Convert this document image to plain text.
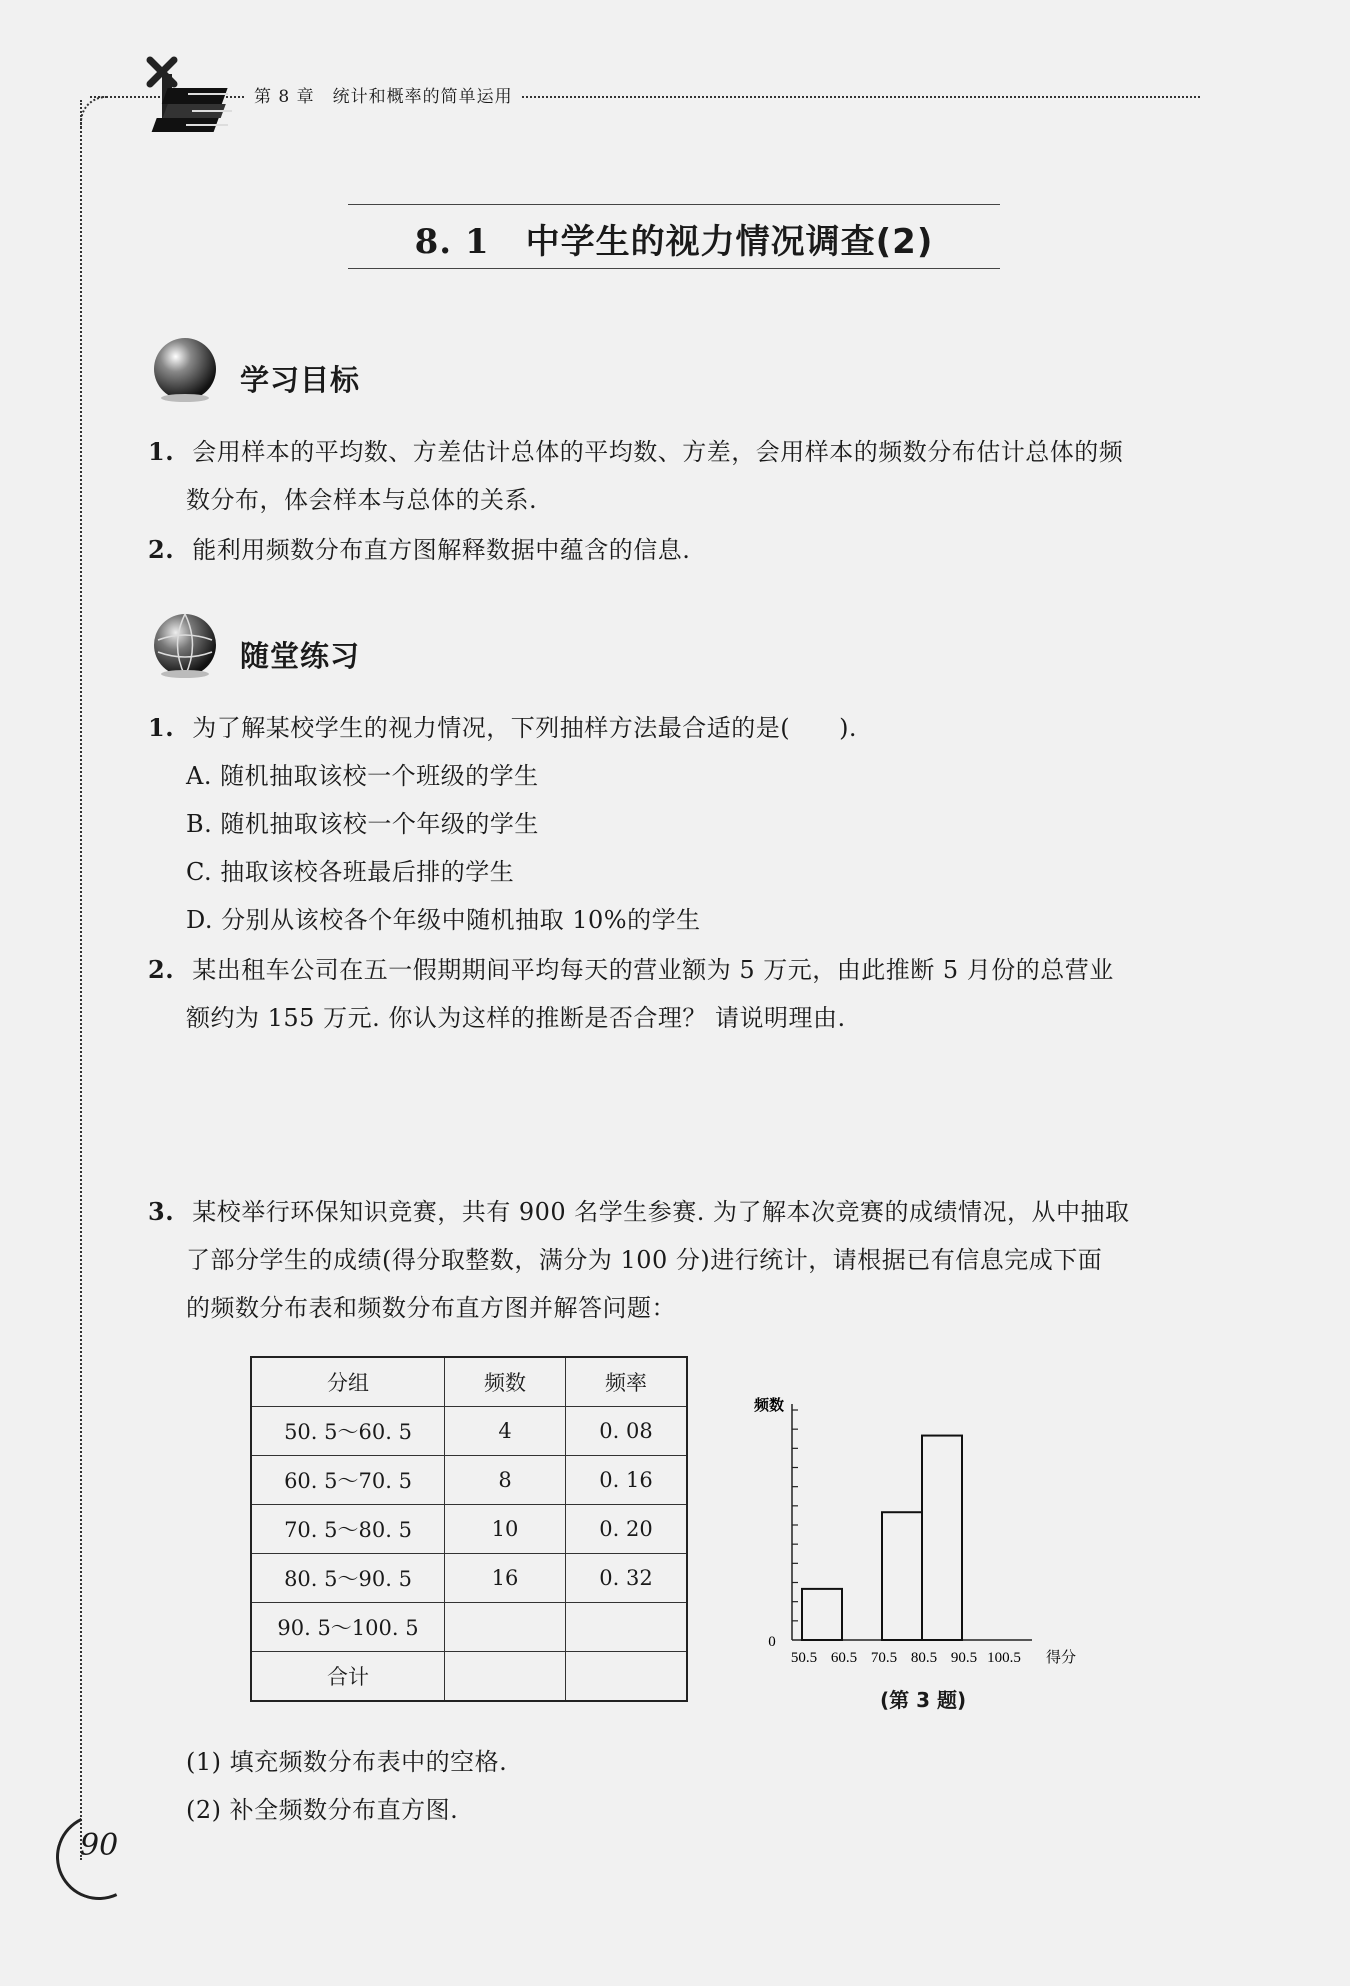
第 8 章　统计和概率的简单运用
8. 1 中学生的视力情况调查(2)
学习目标
1. 会用样本的平均数、方差估计总体的平均数、方差，会用样本的频数分布估计总体的频
数分布，体会样本与总体的关系.
2. 能利用频数分布直方图解释数据中蕴含的信息.
随堂练习
1. 为了解某校学生的视力情况，下列抽样方法最合适的是(　　).
A. 随机抽取该校一个班级的学生
B. 随机抽取该校一个年级的学生
C. 抽取该校各班最后排的学生
D. 分别从该校各个年级中随机抽取 10%的学生
2. 某出租车公司在五一假期期间平均每天的营业额为 5 万元，由此推断 5 月份的总营业
额约为 155 万元. 你认为这样的推断是否合理？ 请说明理由.
3. 某校举行环保知识竞赛，共有 900 名学生参赛. 为了解本次竞赛的成绩情况，从中抽取
了部分学生的成绩(得分取整数，满分为 100 分)进行统计，请根据已有信息完成下面
的频数分布表和频数分布直方图并解答问题：
分组	频数	频率
50. 5～60. 5	4	0. 08
60. 5～70. 5	8	0. 16
70. 5～80. 5	10	0. 20
80. 5～90. 5	16	0. 32
90. 5～100. 5		
合计		
50.5 60.5 70.5 80.5 90.5 100.5 得分
0
频数
(第 3 题)
(1) 填充频数分布表中的空格.
(2) 补全频数分布直方图.
90
